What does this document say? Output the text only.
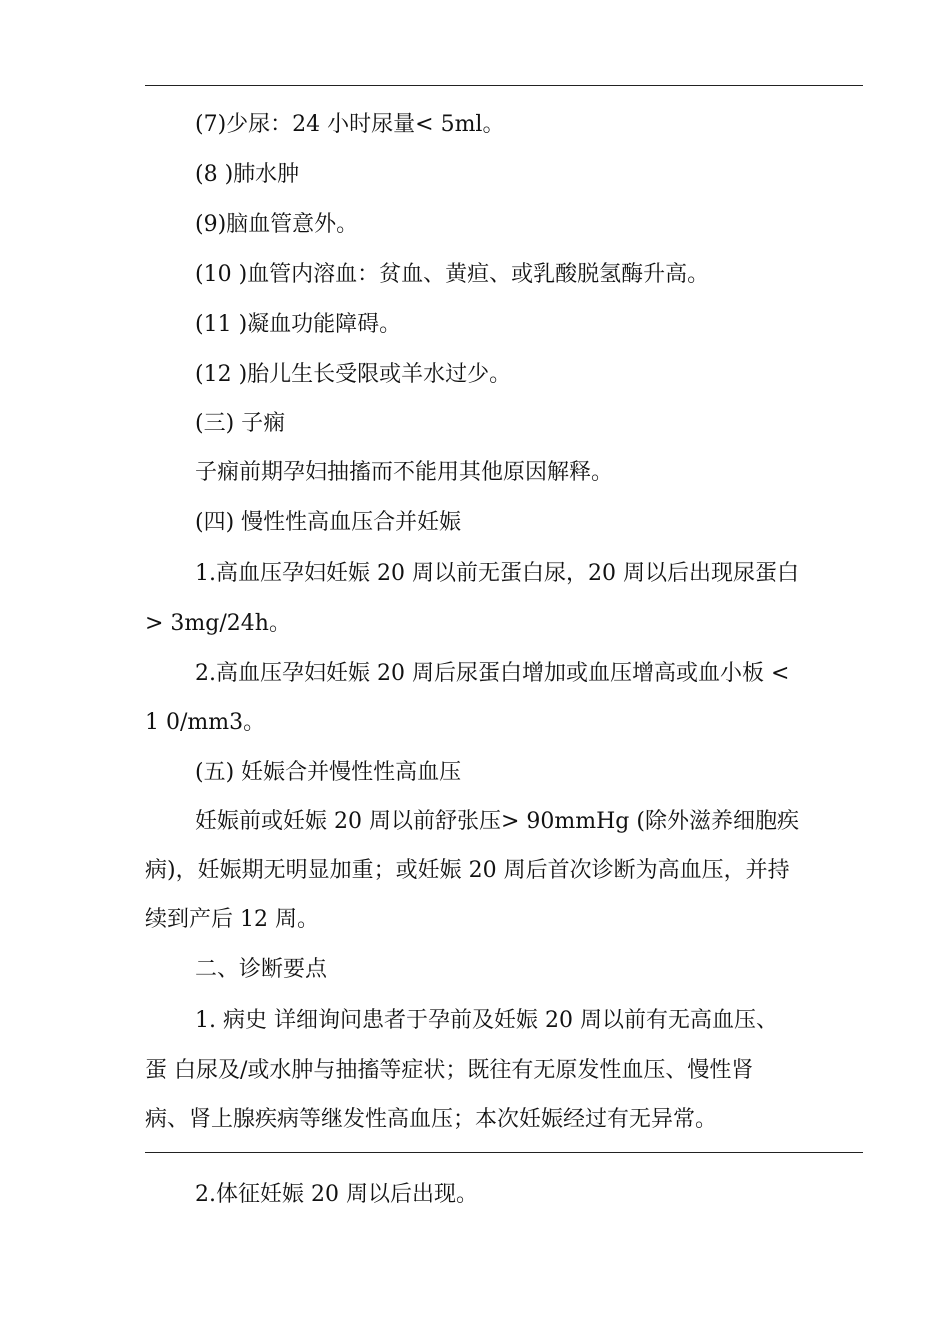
(7)少尿：24 小时尿量< 5ml。
(8 )肺水肿
(9)脑血管意外。
(10 )血管内溶血：贫血、黄疸、或乳酸脱氢酶升高。
(11 )凝血功能障碍。
(12 )胎儿生长受限或羊水过少。
(三) 子痫
子痫前期孕妇抽搐而不能用其他原因解释。
(四) 慢性性高血压合并妊娠
1.高血压孕妇妊娠 20 周以前无蛋白尿，20 周以后出现尿蛋白
> 3mg/24h。
2.高血压孕妇妊娠 20 周后尿蛋白增加或血压增高或血小板 <
1 0/mm3。
(五) 妊娠合并慢性性高血压
妊娠前或妊娠 20 周以前舒张压> 90mmHg (除外滋养细胞疾
病)，妊娠期无明显加重；或妊娠 20 周后首次诊断为高血压，并持
续到产后 12 周。
二、诊断要点
1. 病史 详细询问患者于孕前及妊娠 20 周以前有无高血压、
蛋 白尿及/或水肿与抽搐等症状；既往有无原发性血压、慢性肾
病、肾上腺疾病等继发性高血压；本次妊娠经过有无异常。
2.体征妊娠 20 周以后出现。
